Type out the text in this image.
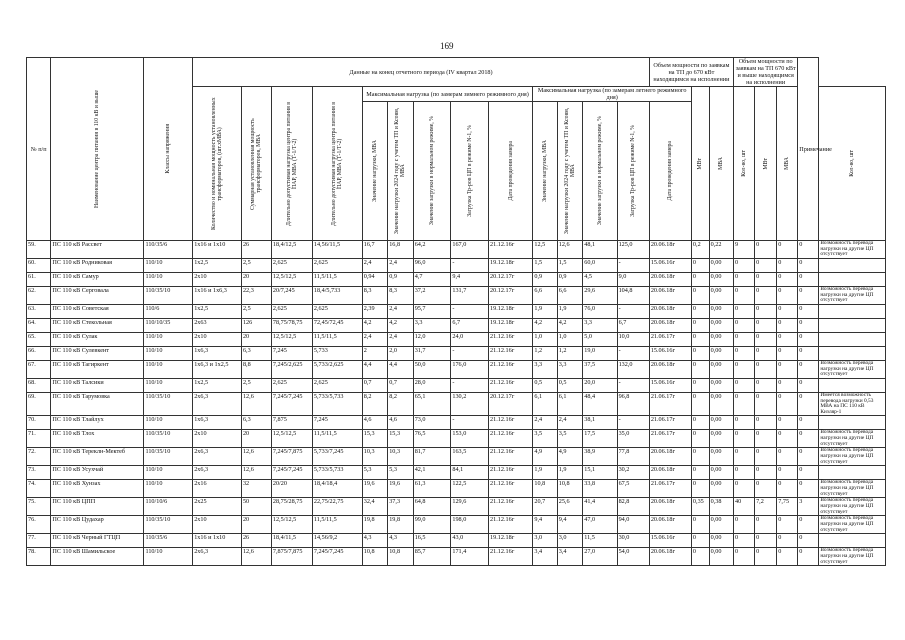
169
№ п/п	Наименование центра питания в 110 кВ и выше	Классы напряжения	Данные на конец отчетного периода (IV квартал 2018)													Объем мощности по заявкам на ТП до 670 кВт находящимся на исполнении			Объем мощности по заявкам на ТП 670 кВт и выше находящимся на исполнении			Примечание	

			Количество и номинальная мощность установленных трансформаторов, (шт.хМВА)	Суммарная установленная мощность трансформаторов, МВА	Длительно допустимая нагрузка центра питания в ПАР, МВА (Т-1/Т-2)	Длительно допустимая нагрузка центра питания в ПАР, МВА (Т-1/Т-2)	Максимальная нагрузка (по замерам зимнего режимного дня)					Максимальная нагрузка (по замерам летнего режимного дня)					МВт	МВА	Кол-во, шт	МВт	МВА		Кол-во, шт

							Значение нагрузки, МВА	Значение нагрузки 2024 году с учетом ТП и Ксовм, МВА	Значение загрузки в нормальном режиме, %	Загрузка Тр-ров ЦП в режиме N-1, %	Дата проведения замера	Значение нагрузки, МВА	Значение нагрузки 2024 году с учетом ТП и Ксовм, МВА	Значение загрузки в нормальном режиме, %	Загрузка Тр-ров ЦП в режиме N-1, %	Дата проведения замера							

59.	ПС 110 кВ Рассвет	110/35/6	1х16 и 1х10	26	18,4/12,5	14,56/11,5	16,7	16,8	64,2	167,0	21.12.16г	12,5	12,6	48,1	125,0	20.06.18г	0,2	0,22	9	0	0	0	Возможность перевода нагрузки на другие ЦП отсутствует
60.	ПС 110 кВ Родниковая	110/10	1х2,5	2,5	2,625	2,625	2,4	2,4	96,0	-	19.12.18г	1,5	1,5	60,0	-	15.06.16г	0	0,00	0	0	0	0	
61.	ПС 110 кВ Самур	110/10	2х10	20	12,5/12,5	11,5/11,5	0,94	0,9	4,7	9,4	20.12.17г	0,9	0,9	4,5	9,0	20.06.18г	0	0,00	0	0	0	0	
62.	ПС 110 кВ Серговала	110/35/10	1х16 и 1х6,3	22,3	20/7,245	18,4/5,733	8,3	8,3	37,2	131,7	20.12.17г	6,6	6,6	29,6	104,8	20.06.18г	0	0,00	0	0	0	0	Возможность перевода нагрузки на другие ЦП отсутствует
63.	ПС 110 кВ Советская	110/6	1х2,5	2,5	2,625	2,625	2,39	2,4	95,7	-	19.12.18г	1,9	1,9	76,0	-	20.06.18г	0	0,00	0	0	0	0	
64.	ПС 110 кВ Стекольная	110/10/35	2х63	126	78,75/78,75	72,45/72,45	4,2	4,2	3,3	6,7	19.12.18г	4,2	4,2	3,3	6,7	20.06.18г	0	0,00	0	0	0	0	
65.	ПС 110 кВ Сулак	110/10	2х10	20	12,5/12,5	11,5/11,5	2,4	2,4	12,0	24,0	21.12.16г	1,0	1,0	5,0	10,0	21.06.17г	0	0,00	0	0	0	0	
66.	ПС 110 кВ Сулевкент	110/10	1х6,3	6,3	7,245	5,733	2	2,0	31,7	-	21.12.16г	1,2	1,2	19,0	-	15.06.16г	0	0,00	0	0	0	0	
67.	ПС 110 кВ Тагиркент	110/10	1х6,3 и 1х2,5	8,8	7,245/2,625	5,733/2,625	4,4	4,4	50,0	176,0	21.12.16г	3,3	3,3	37,5	132,0	20.06.18г	0	0,00	0	0	0	0	Возможность перевода нагрузки на другие ЦП отсутствует
68.	ПС 110 кВ Талсики	110/10	1х2,5	2,5	2,625	2,625	0,7	0,7	28,0	-	21.12.16г	0,5	0,5	20,0	-	15.06.16г	0	0,00	0	0	0	0	
69.	ПС 110 кВ Тарумовка	110/35/10	2х6,3	12,6	7,245/7,245	5,733/5,733	8,2	8,2	65,1	130,2	20.12.17г	6,1	6,1	48,4	96,8	21.06.17г	0	0,00	0	0	0	0	Имеется возможность перевода нагрузки 0,53 МВА на ПС 110 кВ Кизляр-1
70.	ПС 110 кВ Тлайлух	110/10	1х6,3	6,3	7,875	7,245	4,6	4,6	73,0	-	21.12.16г	2,4	2,4	38,1	-	21.06.17г	0	0,00	0	0	0	0	
71.	ПС 110 кВ Тлох	110/35/10	2х10	20	12,5/12,5	11,5/11,5	15,3	15,3	76,5	153,0	21.12.16г	3,5	3,5	17,5	35,0	21.06.17г	0	0,00	0	0	0	0	Возможность перевода нагрузки на другие ЦП отсутствует
72.	ПС 110 кВ Тереклн-Мектеб	110/35/10	2х6,3	12,6	7,245/7,875	5,733/7,245	10,3	10,3	81,7	163,5	21.12.16г	4,9	4,9	38,9	77,8	20.06.18г	0	0,00	0	0	0	0	Возможность перевода нагрузки на другие ЦП отсутствует
73.	ПС 110 кВ Усухчай	110/10	2х6,3	12,6	7,245/7,245	5,733/5,733	5,3	5,3	42,1	84,1	21.12.16г	1,9	1,9	15,1	30,2	20.06.18г	0	0,00	0	0	0	0	
74.	ПС 110 кВ Хунзах	110/10	2х16	32	20/20	18,4/18,4	19,6	19,6	61,3	122,5	21.12.16г	10,8	10,8	33,8	67,5	21.06.17г	0	0,00	0	0	0	0	Возможность перевода нагрузки на другие ЦП отсутствует
75.	ПС 110 кВ ЦПП	110/10/6	2х25	50	28,75/28,75	22,75/22,75	32,4	37,3	64,8	129,6	21.12.16г	20,7	25,6	41,4	82,8	20.06.18г	0,35	0,38	40	7,2	7,75	3	Возможность перевода нагрузки на другие ЦП отсутствует
76.	ПС 110 кВ Цудахар	110/35/10	2х10	20	12,5/12,5	11,5/11,5	19,8	19,8	99,0	198,0	21.12.16г	9,4	9,4	47,0	94,0	20.06.18г	0	0,00	0	0	0	0	Возможность перевода нагрузки на другие ЦП отсутствует
77.	ПС 110 кВ Черный ГТЦП	110/35/6	1х16 и 1х10	26	18,4/11,5	14,56/9,2	4,3	4,3	16,5	43,0	19.12.18г	3,0	3,0	11,5	30,0	15.06.16г	0	0,00	0	0	0	0	
78.	ПС 110 кВ Шамильское	110/10	2х6,3	12,6	7,875/7,875	7,245/7,245	10,8	10,8	85,7	171,4	21.12.16г	3,4	3,4	27,0	54,0	20.06.18г	0	0,00	0	0	0	0	Возможность перевода нагрузки на другие ЦП отсутствует
